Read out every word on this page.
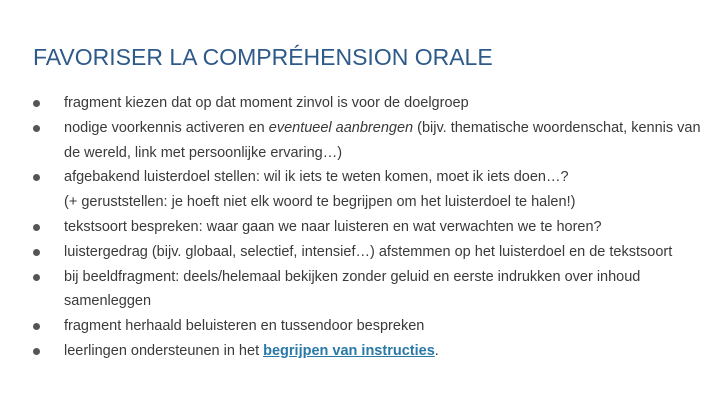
FAVORISER LA COMPRÉHENSION ORALE
fragment kiezen dat op dat moment zinvol is voor de doelgroep
nodige voorkennis activeren en eventueel aanbrengen (bijv. thematische woordenschat, kennis van de wereld, link met persoonlijke ervaring…)
afgebakend luisterdoel stellen: wil ik iets te weten komen, moet ik iets doen…?
(+ geruststellen: je hoeft niet elk woord te begrijpen om het luisterdoel te halen!)
tekstsoort bespreken: waar gaan we naar luisteren en wat verwachten we te horen?
luistergedrag (bijv. globaal, selectief, intensief…) afstemmen op het luisterdoel en de tekstsoort
bij beeldfragment: deels/helemaal bekijken zonder geluid en eerste indrukken over inhoud samenleggen
fragment herhaald beluisteren en tussendoor bespreken
leerlingen ondersteunen in het begrijpen van instructies.
